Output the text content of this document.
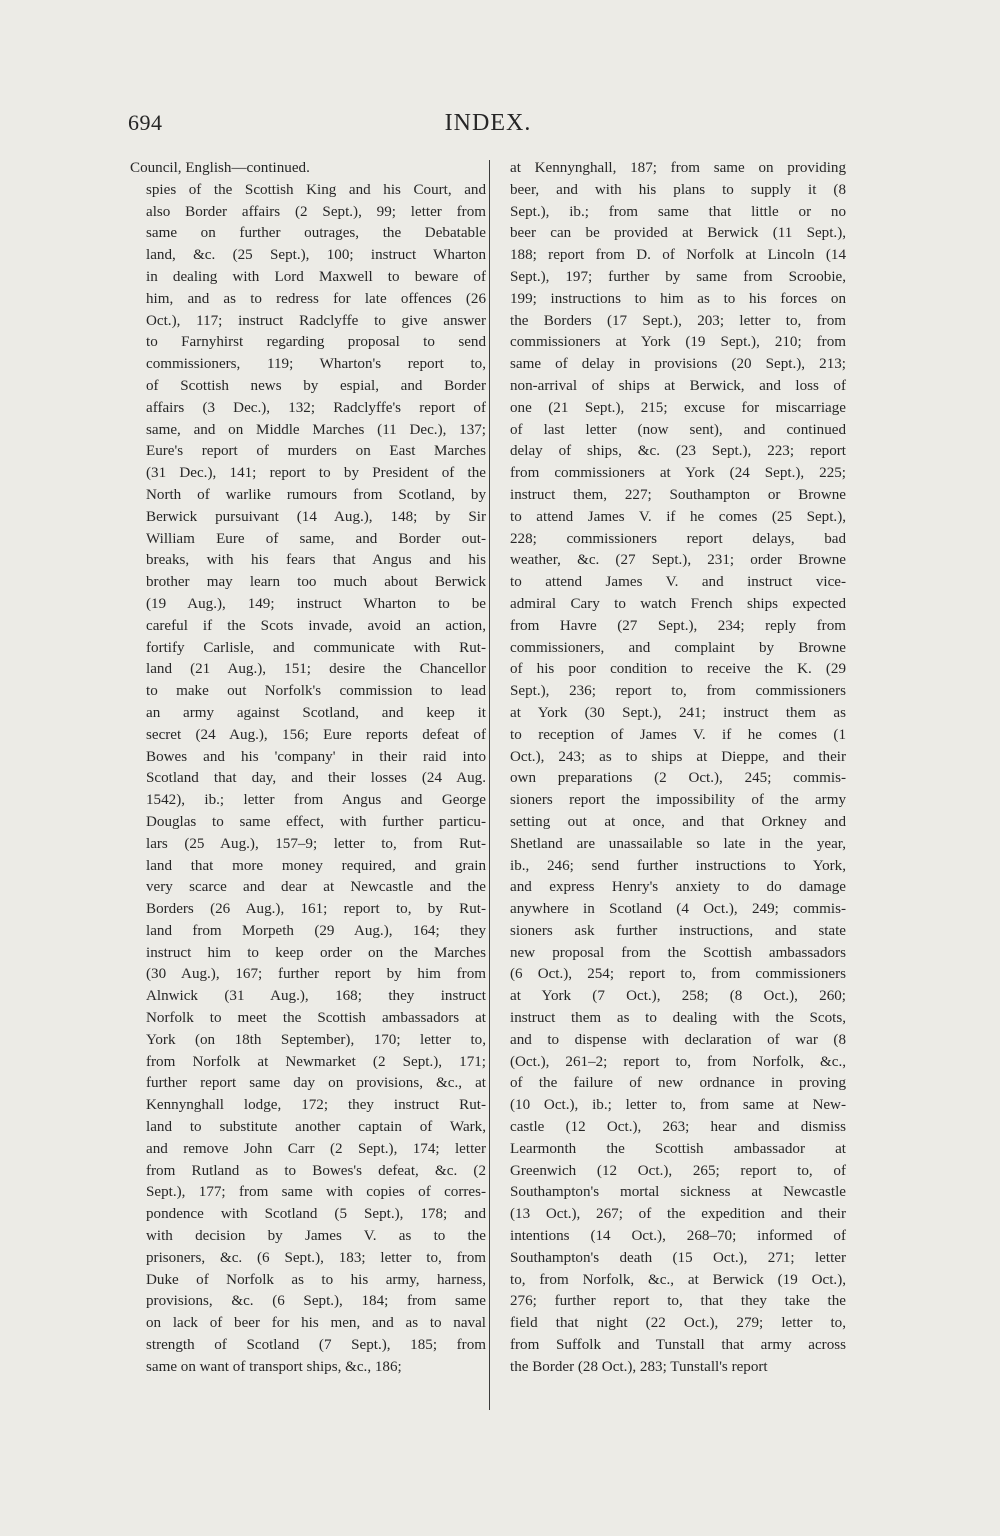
694	INDEX.
Council, English—continued.
spies of the Scottish King and his Court, and
also Border affairs (2 Sept.), 99; letter from
same on further outrages, the Debatable
land, &c. (25 Sept.), 100; instruct Wharton
in dealing with Lord Maxwell to beware of
him, and as to redress for late offences (26
Oct.), 117; instruct Radclyffe to give answer
to Farnyhirst regarding proposal to send
commissioners, 119; Wharton's report to,
of Scottish news by espial, and Border
affairs (3 Dec.), 132; Radclyffe's report of
same, and on Middle Marches (11 Dec.), 137;
Eure's report of murders on East Marches
(31 Dec.), 141; report to by President of the
North of warlike rumours from Scotland, by
Berwick pursuivant (14 Aug.), 148; by Sir
William Eure of same, and Border out-
breaks, with his fears that Angus and his
brother may learn too much about Berwick
(19 Aug.), 149; instruct Wharton to be
careful if the Scots invade, avoid an action,
fortify Carlisle, and communicate with Rut-
land (21 Aug.), 151; desire the Chancellor
to make out Norfolk's commission to lead
an army against Scotland, and keep it
secret (24 Aug.), 156; Eure reports defeat of
Bowes and his 'company' in their raid into
Scotland that day, and their losses (24 Aug.
1542), ib.; letter from Angus and George
Douglas to same effect, with further particu-
lars (25 Aug.), 157–9; letter to, from Rut-
land that more money required, and grain
very scarce and dear at Newcastle and the
Borders (26 Aug.), 161; report to, by Rut-
land from Morpeth (29 Aug.), 164; they
instruct him to keep order on the Marches
(30 Aug.), 167; further report by him from
Alnwick (31 Aug.), 168; they instruct
Norfolk to meet the Scottish ambassadors at
York (on 18th September), 170; letter to,
from Norfolk at Newmarket (2 Sept.), 171;
further report same day on provisions, &c., at
Kennynghall lodge, 172; they instruct Rut-
land to substitute another captain of Wark,
and remove John Carr (2 Sept.), 174; letter
from Rutland as to Bowes's defeat, &c. (2
Sept.), 177; from same with copies of corres-
pondence with Scotland (5 Sept.), 178; and
with decision by James V. as to the
prisoners, &c. (6 Sept.), 183; letter to, from
Duke of Norfolk as to his army, harness,
provisions, &c. (6 Sept.), 184; from same
on lack of beer for his men, and as to naval
strength of Scotland (7 Sept.), 185; from
same on want of transport ships, &c., 186;
at Kennynghall, 187; from same on providing
beer, and with his plans to supply it (8
Sept.), ib.; from same that little or no
beer can be provided at Berwick (11 Sept.),
188; report from D. of Norfolk at Lincoln (14
Sept.), 197; further by same from Scroobie,
199; instructions to him as to his forces on
the Borders (17 Sept.), 203; letter to, from
commissioners at York (19 Sept.), 210; from
same of delay in provisions (20 Sept.), 213;
non-arrival of ships at Berwick, and loss of
one (21 Sept.), 215; excuse for miscarriage
of last letter (now sent), and continued
delay of ships, &c. (23 Sept.), 223; report
from commissioners at York (24 Sept.), 225;
instruct them, 227; Southampton or Browne
to attend James V. if he comes (25 Sept.),
228; commissioners report delays, bad
weather, &c. (27 Sept.), 231; order Browne
to attend James V. and instruct vice-
admiral Cary to watch French ships expected
from Havre (27 Sept.), 234; reply from
commissioners, and complaint by Browne
of his poor condition to receive the K. (29
Sept.), 236; report to, from commissioners
at York (30 Sept.), 241; instruct them as
to reception of James V. if he comes (1
Oct.), 243; as to ships at Dieppe, and their
own preparations (2 Oct.), 245; commis-
sioners report the impossibility of the army
setting out at once, and that Orkney and
Shetland are unassailable so late in the year,
ib., 246; send further instructions to York,
and express Henry's anxiety to do damage
anywhere in Scotland (4 Oct.), 249; commis-
sioners ask further instructions, and state
new proposal from the Scottish ambassadors
(6 Oct.), 254; report to, from commissioners
at York (7 Oct.), 258; (8 Oct.), 260;
instruct them as to dealing with the Scots,
and to dispense with declaration of war (8
(Oct.), 261–2; report to, from Norfolk, &c.,
of the failure of new ordnance in proving
(10 Oct.), ib.; letter to, from same at New-
castle (12 Oct.), 263; hear and dismiss
Learmonth the Scottish ambassador at
Greenwich (12 Oct.), 265; report to, of
Southampton's mortal sickness at Newcastle
(13 Oct.), 267; of the expedition and their
intentions (14 Oct.), 268–70; informed of
Southampton's death (15 Oct.), 271; letter
to, from Norfolk, &c., at Berwick (19 Oct.),
276; further report to, that they take the
field that night (22 Oct.), 279; letter to,
from Suffolk and Tunstall that army across
the Border (28 Oct.), 283; Tunstall's report
